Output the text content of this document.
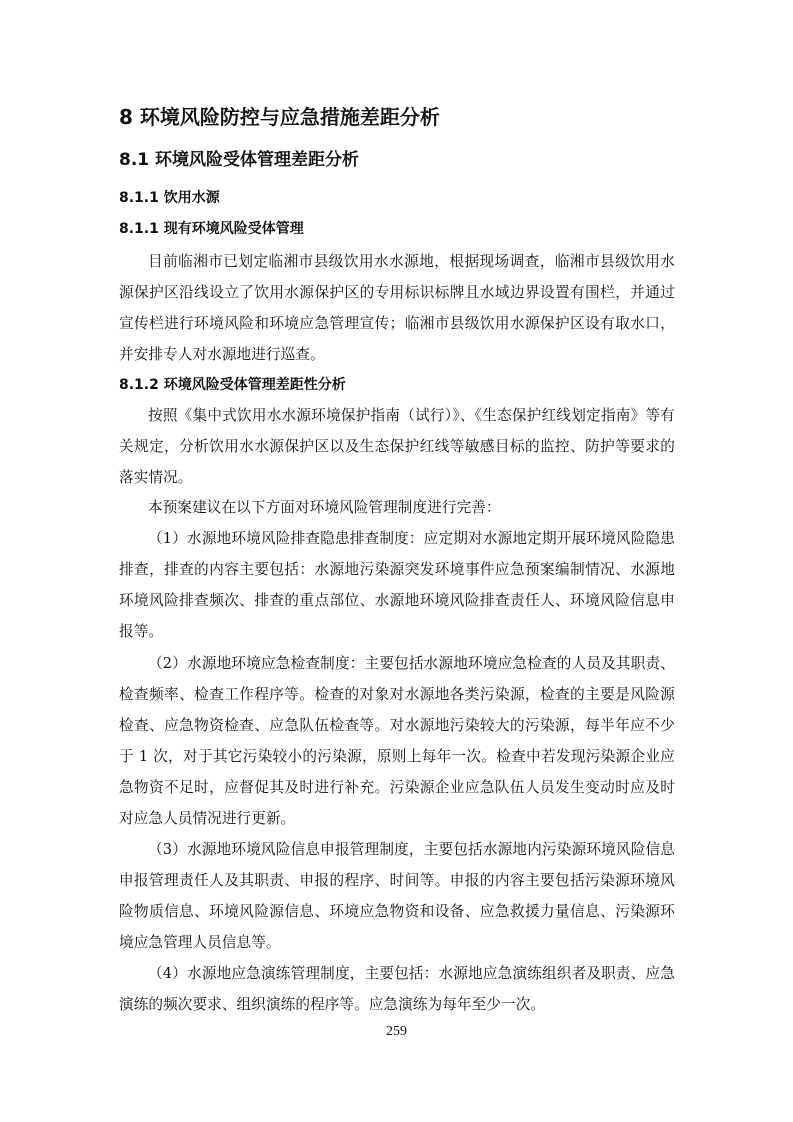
8 环境风险防控与应急措施差距分析
8.1 环境风险受体管理差距分析
8.1.1 饮用水源
8.1.1 现有环境风险受体管理

目前临湘市已划定临湘市县级饮用水水源地，根据现场调查，临湘市县级饮用水源保护区沿线设立了饮用水源保护区的专用标识标牌且水域边界设置有围栏，并通过宣传栏进行环境风险和环境应急管理宣传；临湘市县级饮用水源保护区设有取水口，并安排专人对水源地进行巡查。

8.1.2 环境风险受体管理差距性分析

按照《集中式饮用水水源环境保护指南（试行）》、《生态保护红线划定指南》等有关规定，分析饮用水水源保护区以及生态保护红线等敏感目标的监控、防护等要求的落实情况。

本预案建议在以下方面对环境风险管理制度进行完善：

（1）水源地环境风险排查隐患排查制度：应定期对水源地定期开展环境风险隐患排查，排查的内容主要包括：水源地污染源突发环境事件应急预案编制情况、水源地环境风险排查频次、排查的重点部位、水源地环境风险排查责任人、环境风险信息申报等。

（2）水源地环境应急检查制度：主要包括水源地环境应急检查的人员及其职责、检查频率、检查工作程序等。检查的对象对水源地各类污染源，检查的主要是风险源检查、应急物资检查、应急队伍检查等。对水源地污染较大的污染源，每半年应不少于 1 次，对于其它污染较小的污染源，原则上每年一次。检查中若发现污染源企业应急物资不足时，应督促其及时进行补充。污染源企业应急队伍人员发生变动时应及时对应急人员情况进行更新。

（3）水源地环境风险信息申报管理制度，主要包括水源地内污染源环境风险信息申报管理责任人及其职责、申报的程序、时间等。申报的内容主要包括污染源环境风险物质信息、环境风险源信息、环境应急物资和设备、应急救援力量信息、污染源环境应急管理人员信息等。

（4）水源地应急演练管理制度，主要包括：水源地应急演练组织者及职责、应急演练的频次要求、组织演练的程序等。应急演练为每年至少一次。

259
